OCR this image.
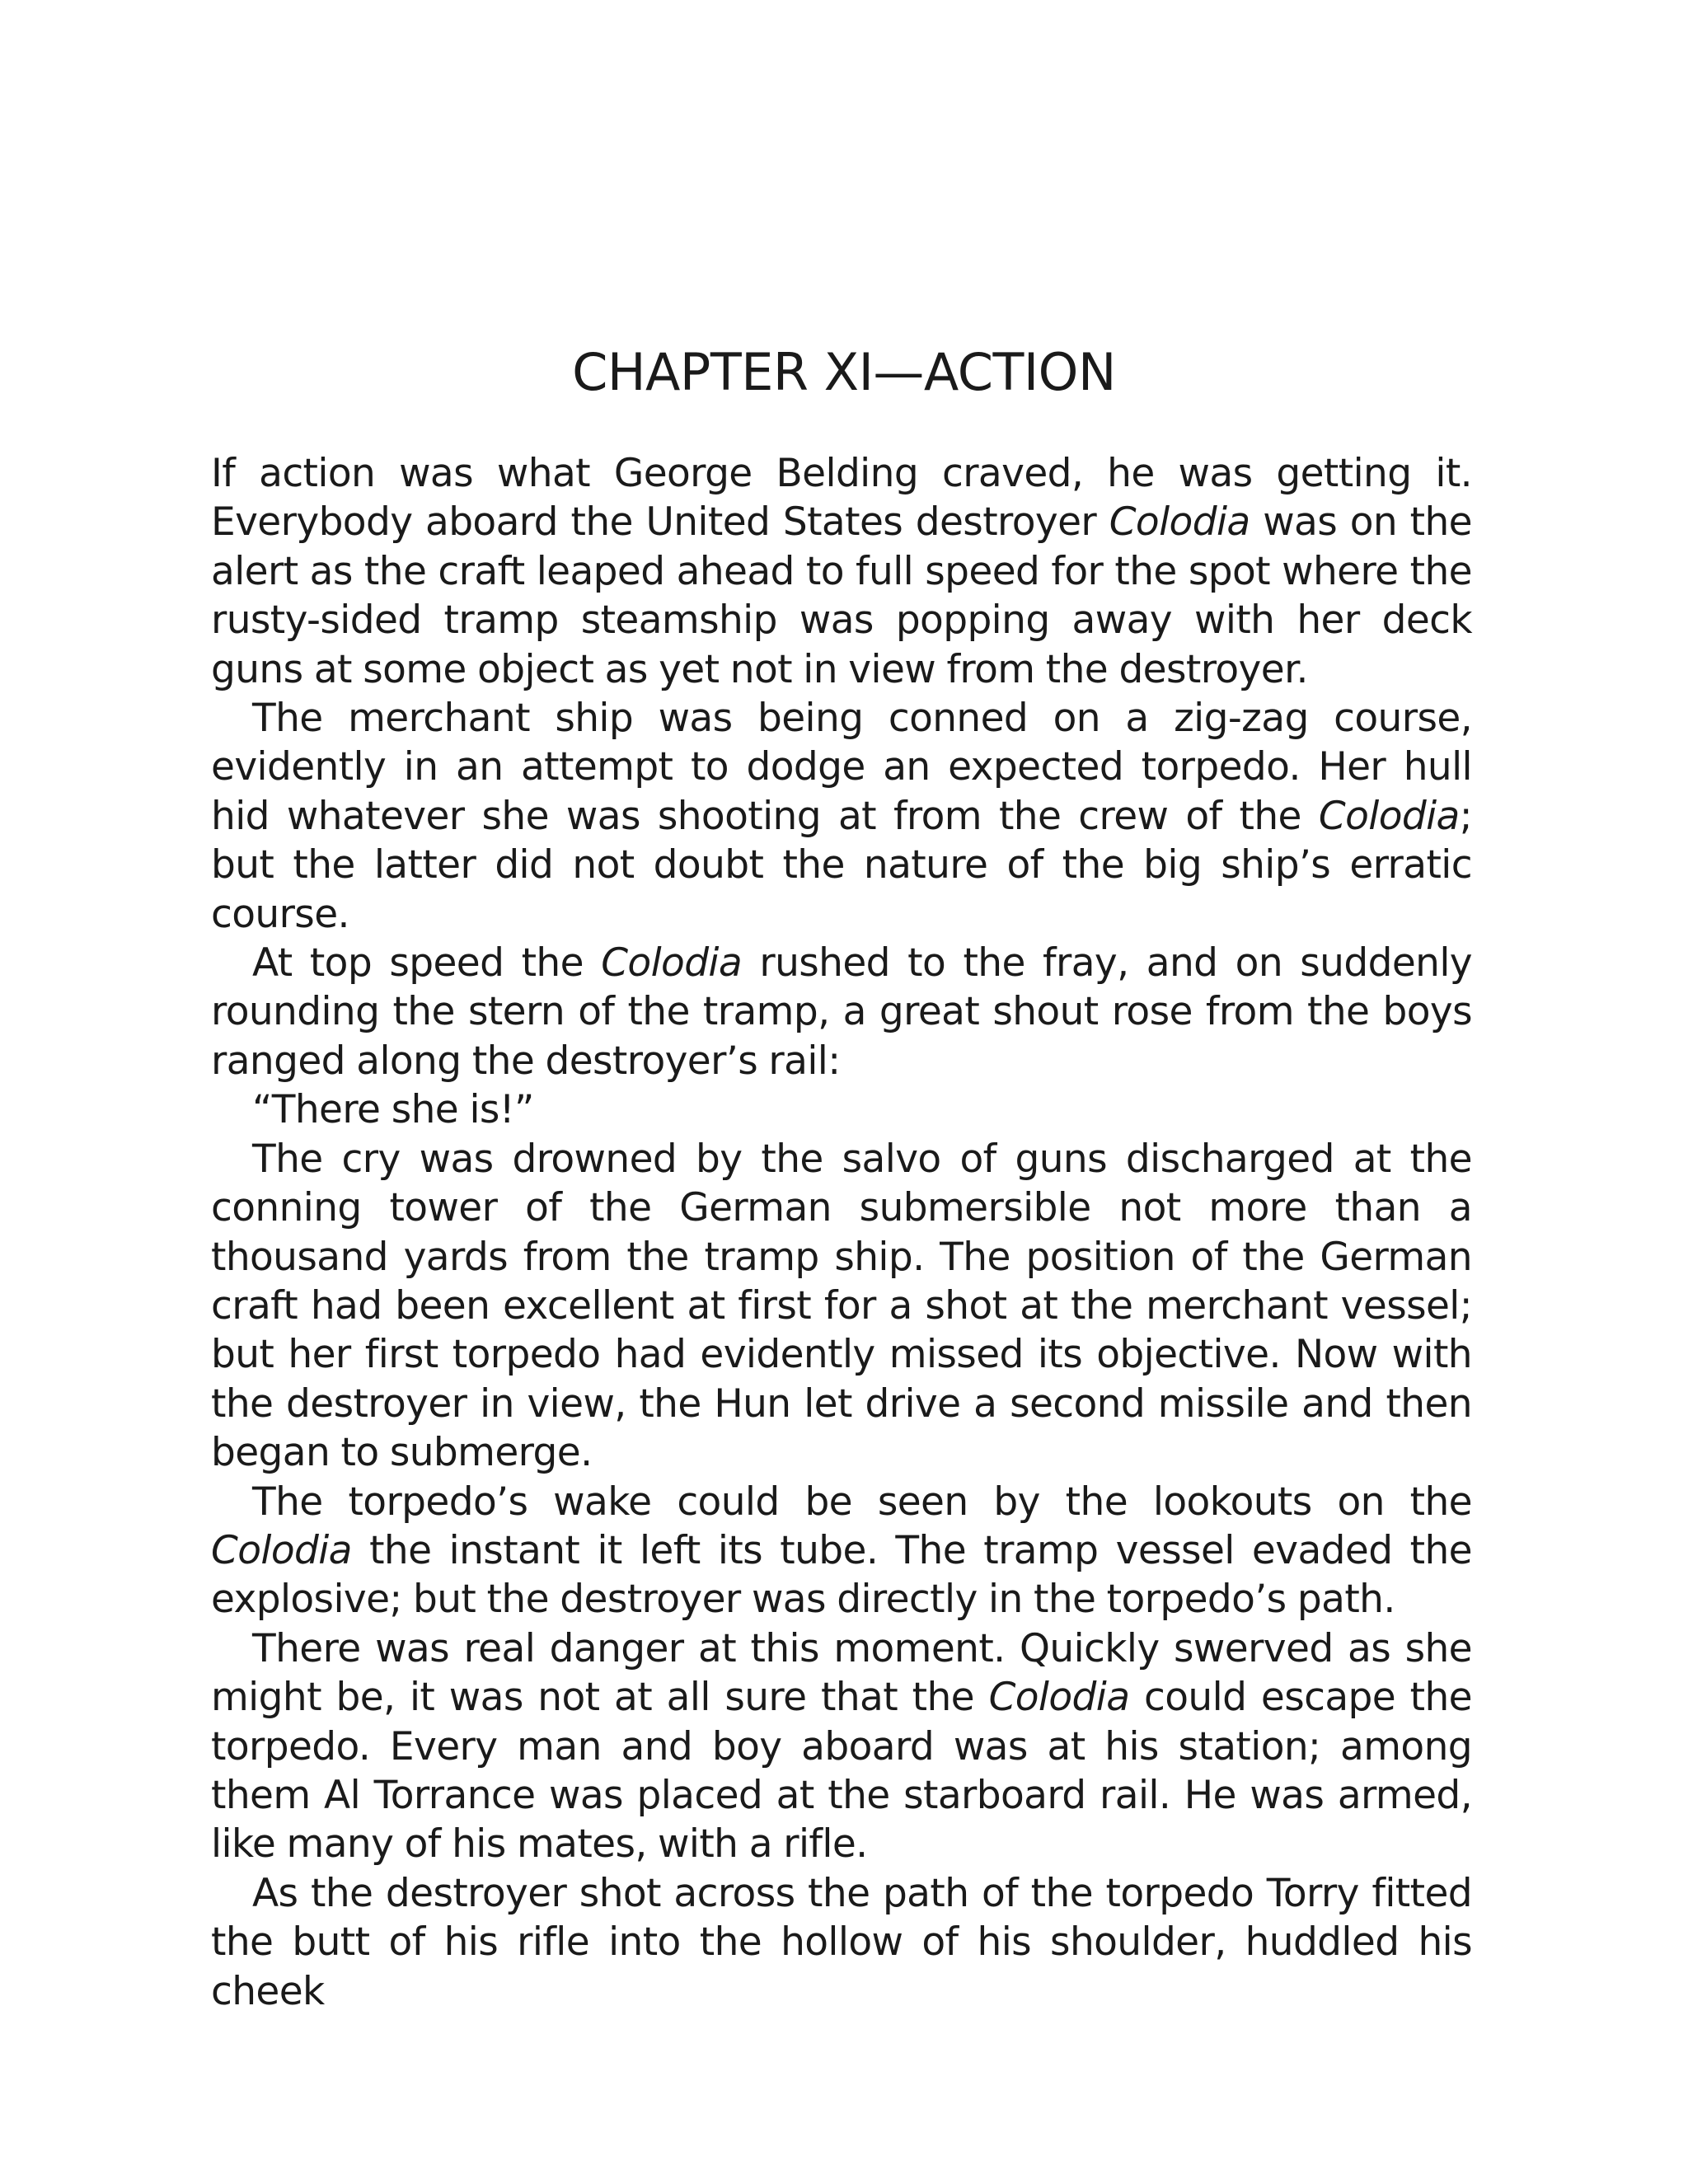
CHAPTER XI—ACTION

If action was what George Belding craved, he was getting it. Everybody aboard the United States destroyer Colodia was on the alert as the craft leaped ahead to full speed for the spot where the rusty-sided tramp steamship was popping away with her deck guns at some object as yet not in view from the destroyer.

The merchant ship was being conned on a zig-zag course, evidently in an attempt to dodge an expected torpedo. Her hull hid whatever she was shooting at from the crew of the Colodia; but the latter did not doubt the nature of the big ship’s erratic course.

At top speed the Colodia rushed to the fray, and on suddenly rounding the stern of the tramp, a great shout rose from the boys ranged along the destroyer’s rail:

“There she is!”

The cry was drowned by the salvo of guns discharged at the conning tower of the German submersible not more than a thousand yards from the tramp ship. The position of the German craft had been excellent at first for a shot at the merchant vessel; but her first torpedo had evidently missed its objective. Now with the destroyer in view, the Hun let drive a second missile and then began to submerge.

The torpedo’s wake could be seen by the lookouts on the Colodia the instant it left its tube. The tramp vessel evaded the explosive; but the destroyer was directly in the torpedo’s path.

There was real danger at this moment. Quickly swerved as she might be, it was not at all sure that the Colodia could escape the torpedo. Every man and boy aboard was at his station; among them Al Torrance was placed at the starboard rail. He was armed, like many of his mates, with a rifle.

As the destroyer shot across the path of the torpedo Torry fitted the butt of his rifle into the hollow of his shoulder, huddled his cheek
